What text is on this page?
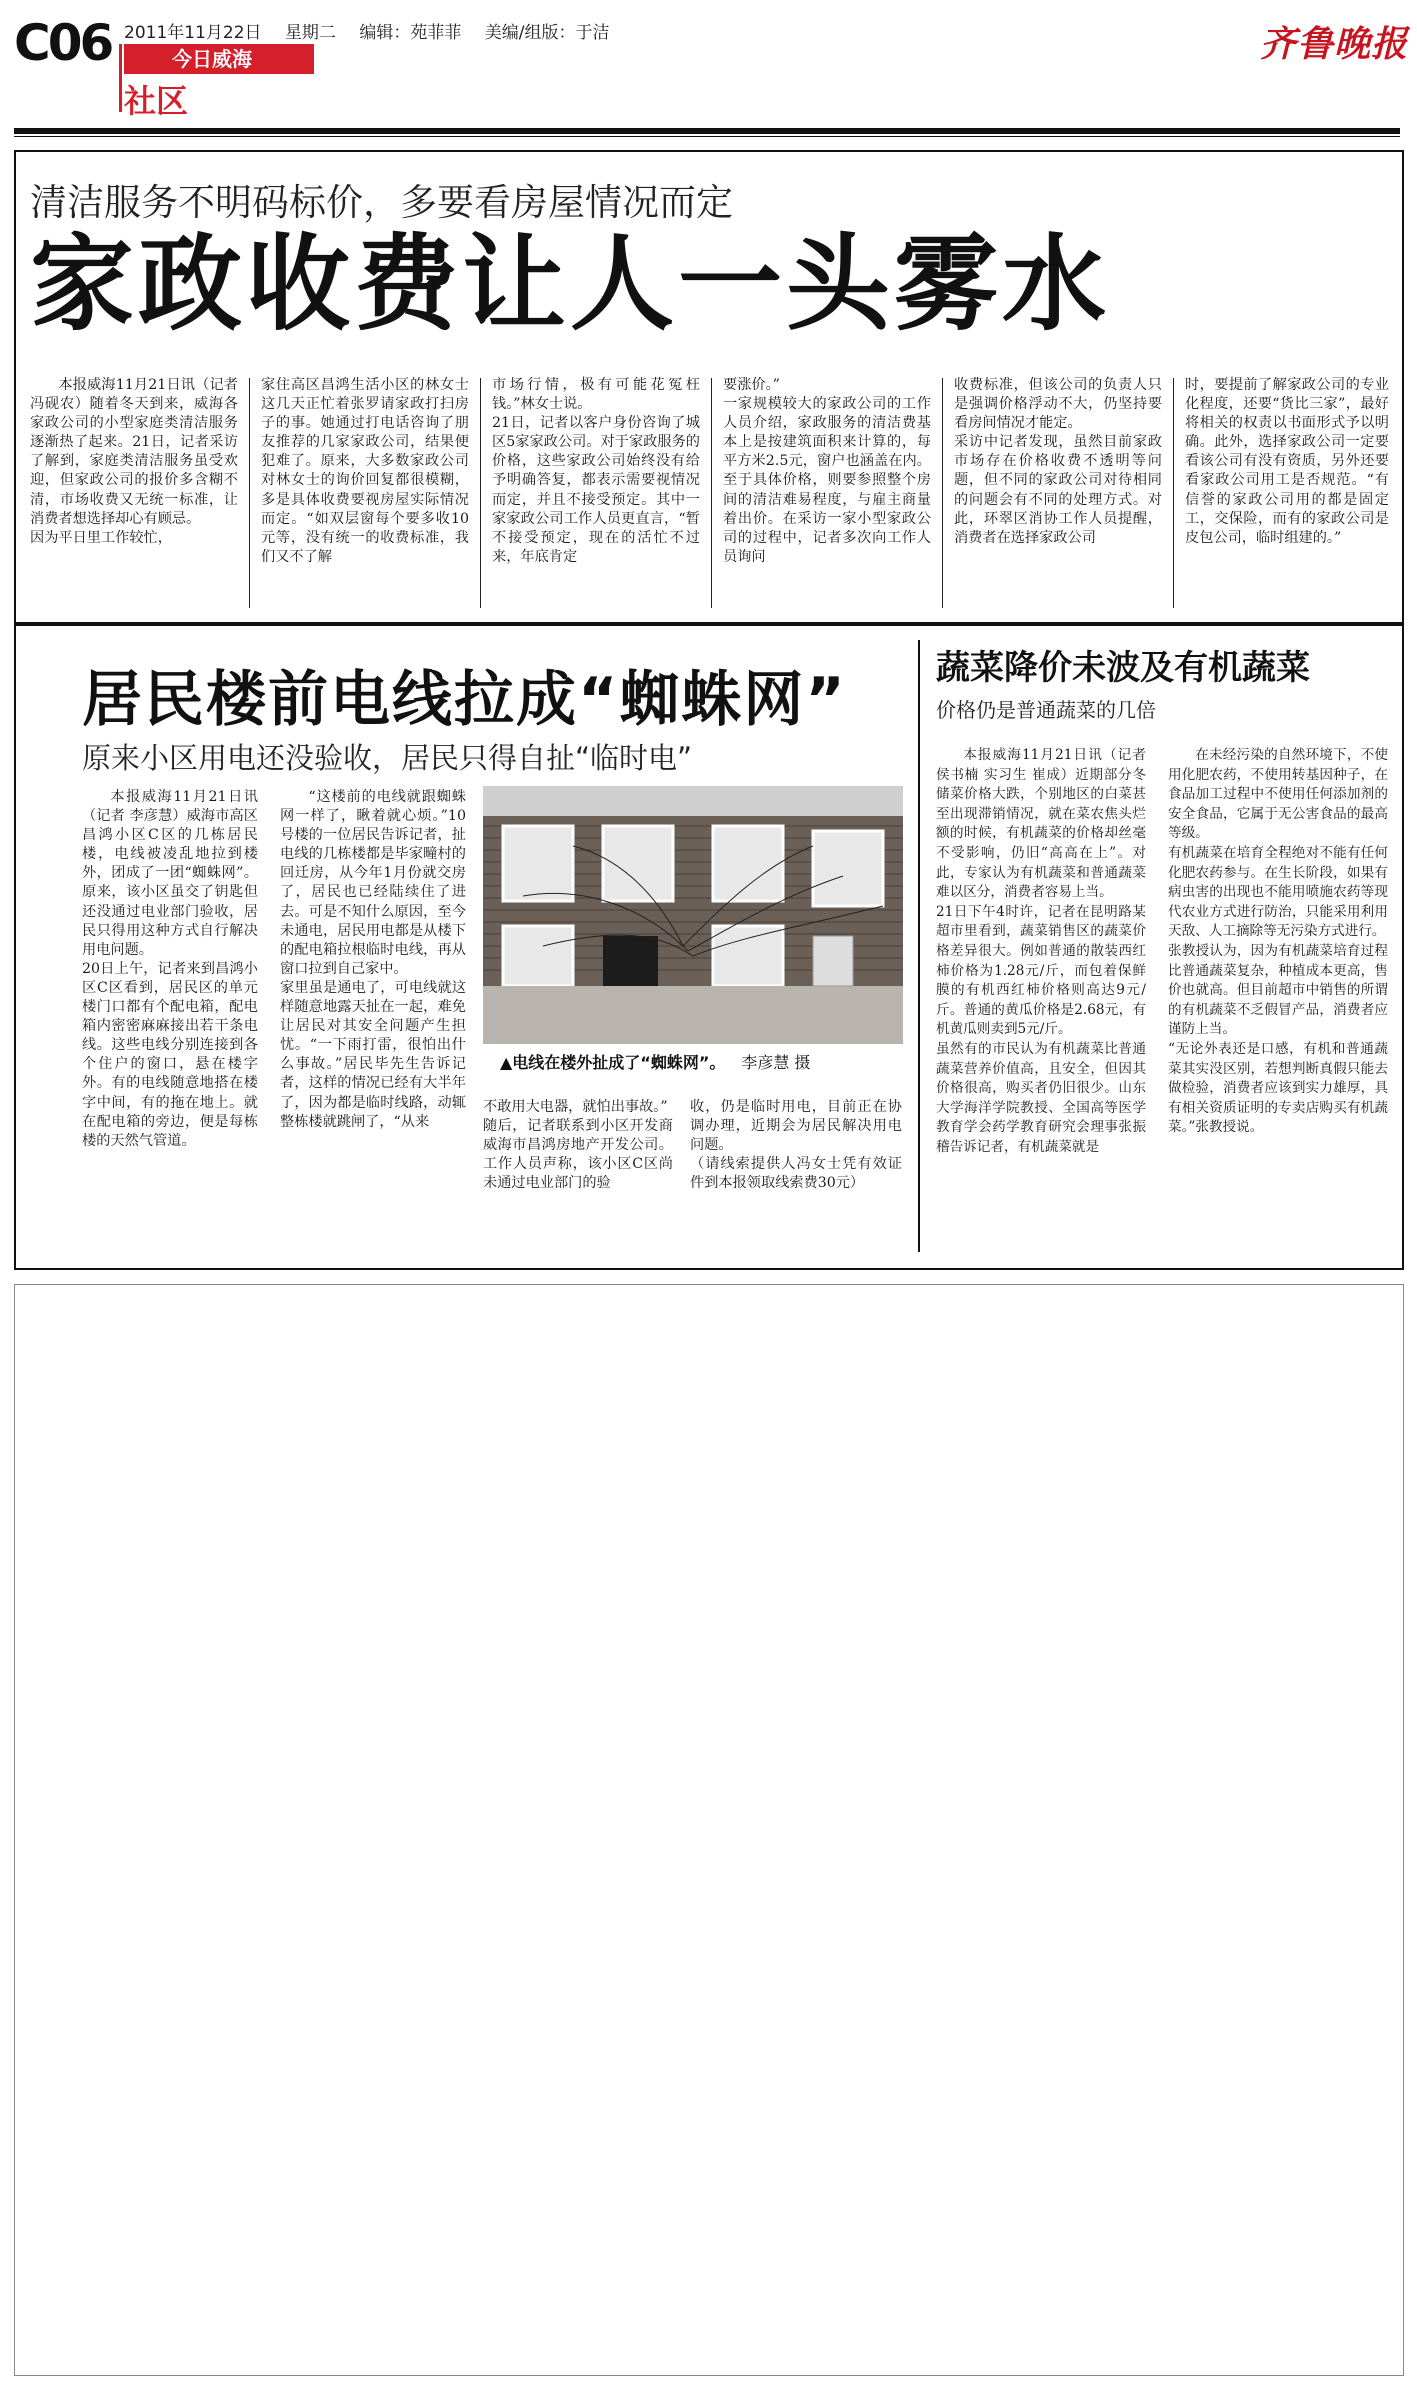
C06 2011年11月22日 星期二 编辑：苑菲菲 美编/组版：于洁
今日威海
社区
齐鲁晚报
清洁服务不明码标价，多要看房屋情况而定
家政收费让人一头雾水

本报威海11月21日讯（记者 冯砚农）随着冬天到来，威海各家政公司的小型家庭类清洁服务逐渐热了起来。21日，记者采访了解到，家庭类清洁服务虽受欢迎，但家政公司的报价多含糊不清，市场收费又无统一标准，让消费者想选择却心有顾忌。
因为平日里工作较忙，

家住高区昌鸿生活小区的林女士这几天正忙着张罗请家政打扫房子的事。她通过打电话咨询了朋友推荐的几家家政公司，结果便犯难了。原来，大多数家政公司对林女士的询价回复都很模糊，多是具体收费要视房屋实际情况而定。“如双层窗每个要多收10元等，没有统一的收费标准，我们又不了解

市场行情，极有可能花冤枉钱。”林女士说。
21日，记者以客户身份咨询了城区5家家政公司。对于家政服务的价格，这些家政公司始终没有给予明确答复，都表示需要视情况而定，并且不接受预定。其中一家家政公司工作人员更直言，“暂不接受预定，现在的活忙不过来，年底肯定

要涨价。”
一家规模较大的家政公司的工作人员介绍，家政服务的清洁费基本上是按建筑面积来计算的，每平方米2.5元，窗户也涵盖在内。至于具体价格，则要参照整个房间的清洁难易程度，与雇主商量着出价。在采访一家小型家政公司的过程中，记者多次向工作人员询问

收费标准，但该公司的负责人只是强调价格浮动不大，仍坚持要看房间情况才能定。
采访中记者发现，虽然目前家政市场存在价格收费不透明等问题，但不同的家政公司对待相同的问题会有不同的处理方式。对此，环翠区消协工作人员提醒，消费者在选择家政公司

时，要提前了解家政公司的专业化程度，还要“货比三家”，最好将相关的权责以书面形式予以明确。此外，选择家政公司一定要看该公司有没有资质，另外还要看家政公司用工是否规范。“有信誉的家政公司用的都是固定工，交保险，而有的家政公司是皮包公司，临时组建的。”

居民楼前电线拉成“蜘蛛网”
原来小区用电还没验收，居民只得自扯“临时电”

本报威海11月21日讯（记者 李彦慧）威海市高区昌鸿小区C区的几栋居民楼，电线被凌乱地拉到楼外，团成了一团“蜘蛛网”。原来，该小区虽交了钥匙但还没通过电业部门验收，居民只得用这种方式自行解决用电问题。
20日上午，记者来到昌鸿小区C区看到，居民区的单元楼门口都有个配电箱，配电箱内密密麻麻接出若干条电线。这些电线分别连接到各个住户的窗口，悬在楼字外。有的电线随意地搭在楼字中间，有的拖在地上。就在配电箱的旁边，便是每栋楼的天然气管道。

“这楼前的电线就跟蜘蛛网一样了，瞅着就心烦。”10号楼的一位居民告诉记者，扯电线的几栋楼都是毕家疃村的回迁房，从今年1月份就交房了，居民也已经陆续住了进去。可是不知什么原因，至今未通电，居民用电都是从楼下的配电箱拉根临时电线，再从窗口拉到自己家中。
家里虽是通电了，可电线就这样随意地露天扯在一起，难免让居民对其安全问题产生担忧。“一下雨打雷，很怕出什么事故。”居民毕先生告诉记者，这样的情况已经有大半年了，因为都是临时线路，动辄整栋楼就跳闸了，“从来

▲电线在楼外扯成了“蜘蛛网”。 李彦慧 摄

不敢用大电器，就怕出事故。”
随后，记者联系到小区开发商威海市昌鸿房地产开发公司。工作人员声称，该小区C区尚未通过电业部门的验

收，仍是临时用电，目前正在协调办理，近期会为居民解决用电问题。
（请线索提供人冯女士凭有效证件到本报领取线索费30元）

蔬菜降价未波及有机蔬菜
价格仍是普通蔬菜的几倍

本报威海11月21日讯（记者 侯书楠 实习生 崔成）近期部分冬储菜价格大跌，个别地区的白菜甚至出现滞销情况，就在菜农焦头烂额的时候，有机蔬菜的价格却丝毫不受影响，仍旧“高高在上”。对此，专家认为有机蔬菜和普通蔬菜难以区分，消费者容易上当。
21日下午4时许，记者在昆明路某超市里看到，蔬菜销售区的蔬菜价格差异很大。例如普通的散装西红柿价格为1.28元/斤，而包着保鲜膜的有机西红柿价格则高达9元/斤。普通的黄瓜价格是2.68元，有机黄瓜则卖到5元/斤。
虽然有的市民认为有机蔬菜比普通蔬菜营养价值高，且安全，但因其价格很高，购买者仍旧很少。山东大学海洋学院教授、全国高等医学教育学会药学教育研究会理事张振稽告诉记者，有机蔬菜就是

在未经污染的自然环境下，不使用化肥农药，不使用转基因种子，在食品加工过程中不使用任何添加剂的安全食品，它属于无公害食品的最高等级。
有机蔬菜在培育全程绝对不能有任何化肥农药参与。在生长阶段，如果有病虫害的出现也不能用喷施农药等现代农业方式进行防治，只能采用利用天敌、人工摘除等无污染方式进行。
张教授认为，因为有机蔬菜培育过程比普通蔬菜复杂，种植成本更高，售价也就高。但目前超市中销售的所谓的有机蔬菜不乏假冒产品，消费者应谨防上当。
“无论外表还是口感，有机和普通蔬菜其实没区别，若想判断真假只能去做检验，消费者应该到实力雄厚，具有相关资质证明的专卖店购买有机蔬菜。”张教授说。
